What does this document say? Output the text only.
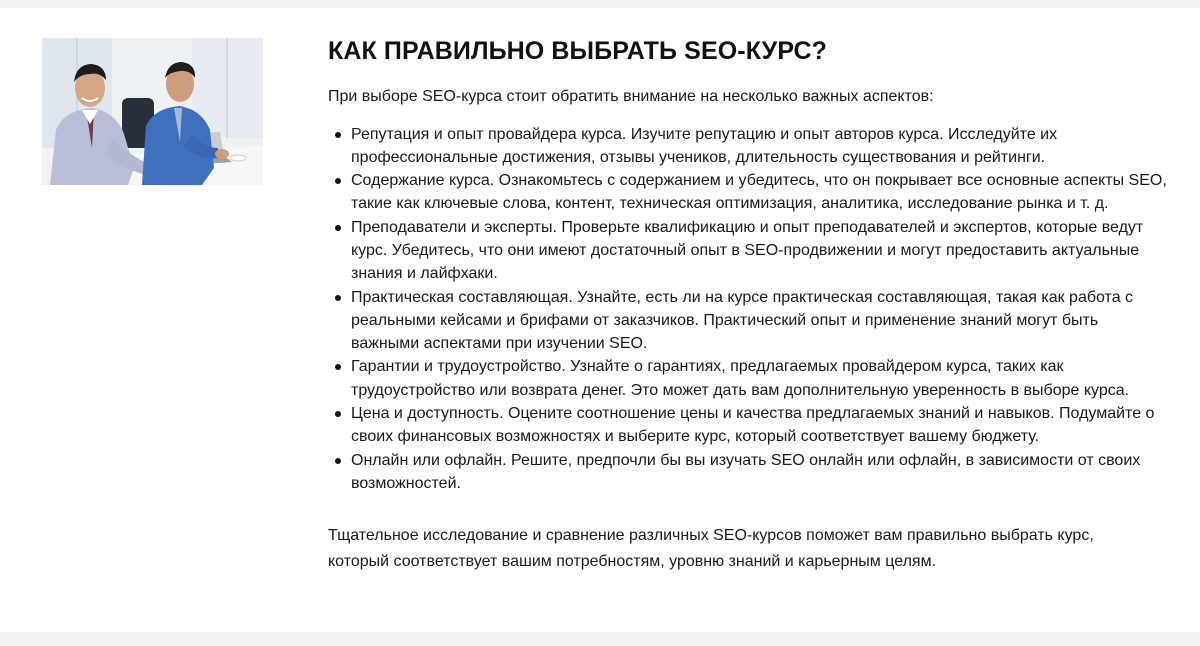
КАК ПРАВИЛЬНО ВЫБРАТЬ SEO-КУРС?

При выборе SEO-курса стоит обратить внимание на несколько важных аспектов:

Репутация и опыт провайдера курса. Изучите репутацию и опыт авторов курса. Исследуйте их профессиональные достижения, отзывы учеников, длительность существования и рейтинги.
Содержание курса. Ознакомьтесь с содержанием и убедитесь, что он покрывает все основные аспекты SEO, такие как ключевые слова, контент, техническая оптимизация, аналитика, исследование рынка и т. д.
Преподаватели и эксперты. Проверьте квалификацию и опыт преподавателей и экспертов, которые ведут курс. Убедитесь, что они имеют достаточный опыт в SEO-продвижении и могут предоставить актуальные знания и лайфхаки.
Практическая составляющая. Узнайте, есть ли на курсе практическая составляющая, такая как работа с реальными кейсами и брифами от заказчиков. Практический опыт и применение знаний могут быть важными аспектами при изучении SEO.
Гарантии и трудоустройство. Узнайте о гарантиях, предлагаемых провайдером курса, таких как трудоустройство или возврата денег. Это может дать вам дополнительную уверенность в выборе курса.
Цена и доступность. Оцените соотношение цены и качества предлагаемых знаний и навыков. Подумайте о своих финансовых возможностях и выберите курс, который соответствует вашему бюджету.
Онлайн или офлайн. Решите, предпочли бы вы изучать SEO онлайн или офлайн, в зависимости от своих возможностей.

Тщательное исследование и сравнение различных SEO-курсов поможет вам правильно выбрать курс, который соответствует вашим потребностям, уровню знаний и карьерным целям.
